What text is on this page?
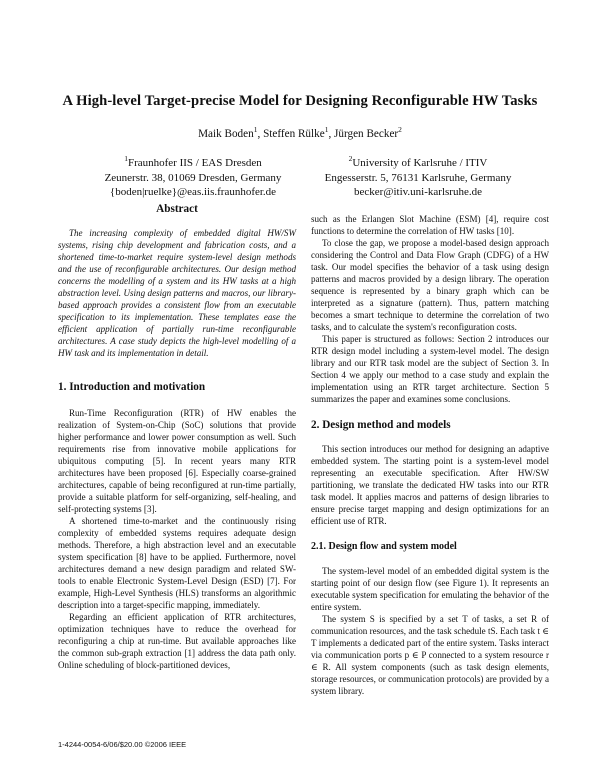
A High-level Target-precise Model for Designing Reconfigurable HW Tasks
Maik Boden$^1$, Steffen Rülke$^1$, Jürgen Becker$^2$
$^1$Fraunhofer IIS / EAS Dresden
Zeunerstr. 38, 01069 Dresden, Germany
{boden|ruelke}@eas.iis.fraunhofer.de
$^2$University of Karlsruhe / ITIV
Engesserstr. 5, 76131 Karlsruhe, Germany
becker@itiv.uni-karlsruhe.de
Abstract

The increasing complexity of embedded digital HW/SW systems, rising chip development and fabrication costs, and a shortened time-to-market require system-level design methods and the use of reconfigurable architectures. Our design method concerns the modelling of a system and its HW tasks at a high abstraction level. Using design patterns and macros, our library-based approach provides a consistent flow from an executable specification to its implementation. These templates ease the efficient application of partially run-time reconfigurable architectures. A case study depicts the high-level modelling of a HW task and its implementation in detail.

1. Introduction and motivation

Run-Time Reconfiguration (RTR) of HW enables the realization of System-on-Chip (SoC) solutions that provide higher performance and lower power consumption as well. Such requirements rise from innovative mobile applications for ubiquitous computing [5]. In recent years many RTR architectures have been proposed [6]. Especially coarse-grained architectures, capable of being reconfigured at run-time partially, provide a suitable platform for self-organizing, self-healing, and self-protecting systems [3].

A shortened time-to-market and the continuously rising complexity of embedded systems requires adequate design methods. Therefore, a high abstraction level and an executable system specification [8] have to be applied. Furthermore, novel architectures demand a new design paradigm and related SW-tools to enable Electronic System-Level Design (ESD) [7]. For example, High-Level Synthesis (HLS) transforms an algorithmic description into a target-specific mapping, immediately.

Regarding an efficient application of RTR architectures, optimization techniques have to reduce the overhead for reconfiguring a chip at run-time. But available approaches like the common sub-graph extraction [1] address the data path only. Online scheduling of block-partitioned devices,

such as the Erlangen Slot Machine (ESM) [4], require cost functions to determine the correlation of HW tasks [10].

To close the gap, we propose a model-based design approach considering the Control and Data Flow Graph (CDFG) of a HW task. Our model specifies the behavior of a task using design patterns and macros provided by a design library. The operation sequence is represented by a binary graph which can be interpreted as a signature (pattern). Thus, pattern matching becomes a smart technique to determine the correlation of two tasks, and to calculate the system's reconfiguration costs.

This paper is structured as follows: Section 2 introduces our RTR design model including a system-level model. The design library and our RTR task model are the subject of Section 3. In Section 4 we apply our method to a case study and explain the implementation using an RTR target architecture. Section 5 summarizes the paper and examines some conclusions.

2. Design method and models

This section introduces our method for designing an adaptive embedded system. The starting point is a system-level model representing an executable specification. After HW/SW partitioning, we translate the dedicated HW tasks into our RTR task model. It applies macros and patterns of design libraries to ensure precise target mapping and design optimizations for an efficient use of RTR.

2.1. Design flow and system model

The system-level model of an embedded digital system is the starting point of our design flow (see Figure 1). It represents an executable system specification for emulating the behavior of the entire system.

The system S is specified by a set T of tasks, a set R of communication resources, and the task schedule tS. Each task t ∈ T implements a dedicated part of the entire system. Tasks interact via communication ports p ∈ P connected to a system resource r ∈ R. All system components (such as task design elements, storage resources, or communication protocols) are provided by a system library.

1-4244-0054-6/06/$20.00 ©2006 IEEE
